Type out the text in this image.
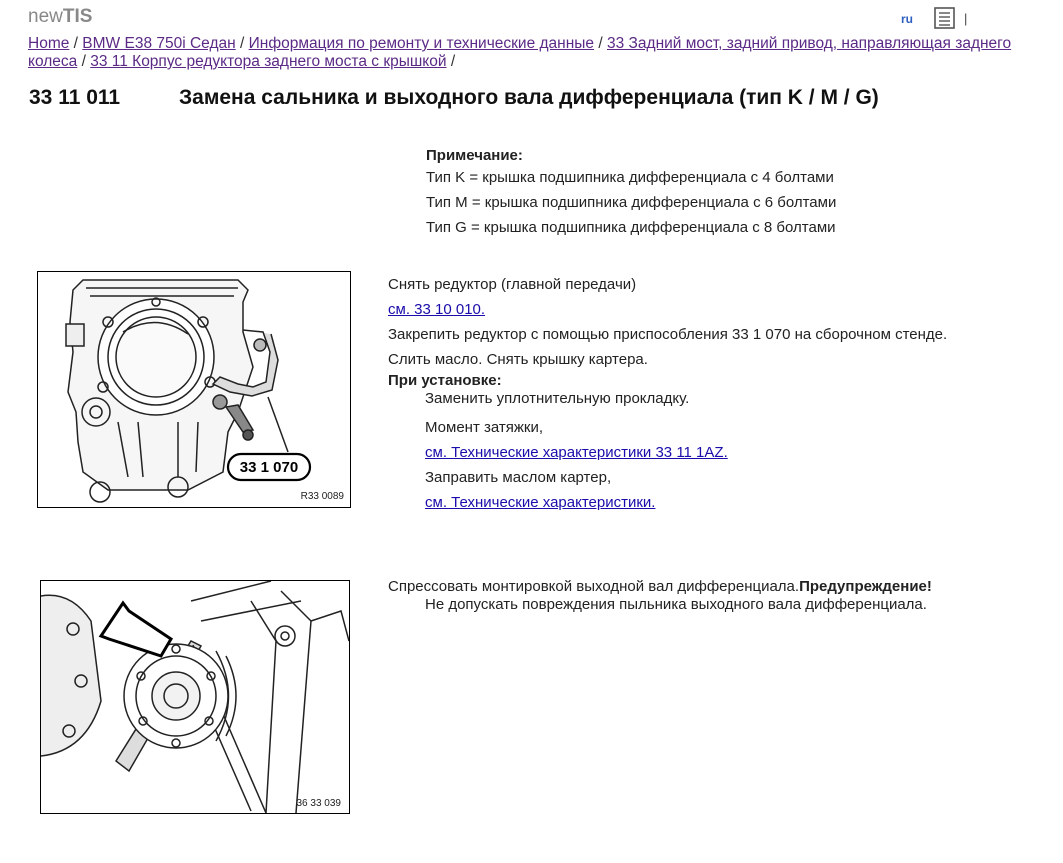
newTIS	ru	|
Home / BMW E38 750i Седан / Информация по ремонту и технические данные / 33 Задний мост, задний привод, направляющая заднего колеса / 33 11 Корпус редуктора заднего моста с крышкой /
33 11 011	Замена сальника и выходного вала дифференциала (тип K / M / G)
Примечание:
Тип K = крышка подшипника дифференциала с 4 болтами
Тип M = крышка подшипника дифференциала с 6 болтами
Тип G = крышка подшипника дифференциала с 8 болтами
33 1 070
R33 0089
Снять редуктор (главной передачи)
см. 33 10 010.
Закрепить редуктор с помощью приспособления 33 1 070 на сборочном стенде.
Слить масло. Снять крышку картера.
При установке:
Заменить уплотнительную прокладку.
Момент затяжки,
см. Технические характеристики 33 11 1AZ.
Заправить маслом картер,
см. Технические характеристики.
36 33 039
Спрессовать монтировкой выходной вал дифференциала.Предупреждение!
Не допускать повреждения пыльника выходного вала дифференциала.
